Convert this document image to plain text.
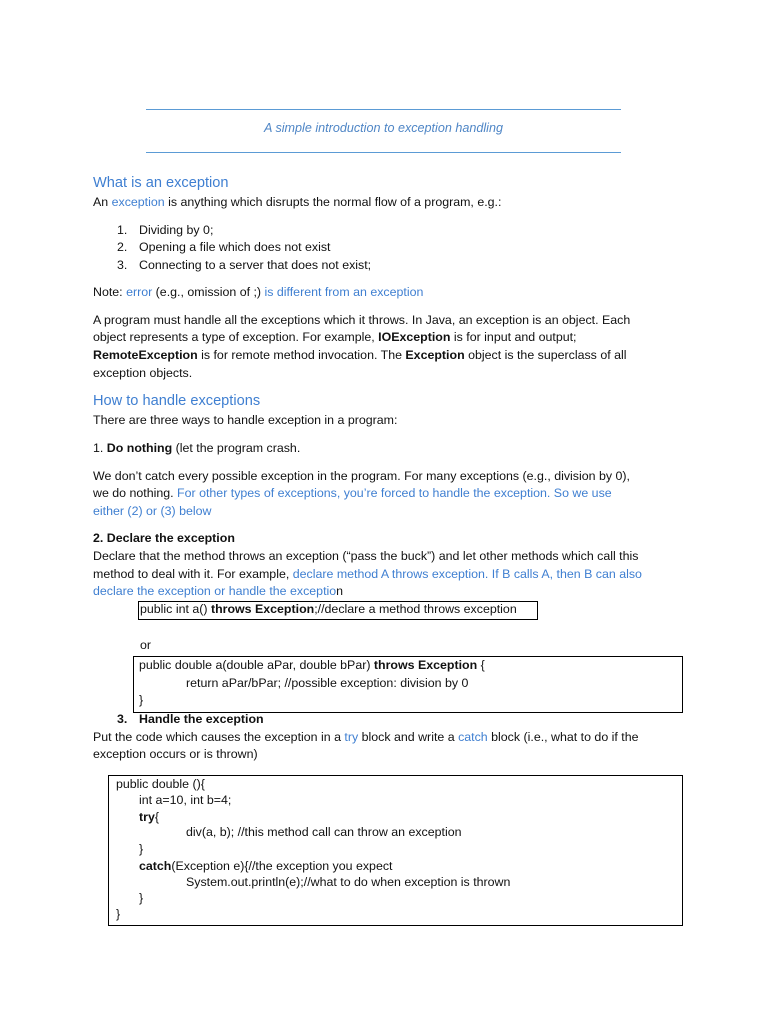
A simple introduction to exception handling
What is an exception
An exception is anything which disrupts the normal flow of a program, e.g.:
1. Dividing by 0;
2. Opening a file which does not exist
3. Connecting to a server that does not exist;
Note: error (e.g., omission of ;) is different from an exception
A program must handle all the exceptions which it throws. In Java, an exception is an object. Each
object represents a type of exception. For example, IOException is for input and output;
RemoteException is for remote method invocation. The Exception object is the superclass of all
exception objects.
How to handle exceptions
There are three ways to handle exception in a program:
1. Do nothing (let the program crash.
We don’t catch every possible exception in the program. For many exceptions (e.g., division by 0),
we do nothing. For other types of exceptions, you’re forced to handle the exception. So we use
either (2) or (3) below
2. Declare the exception
Declare that the method throws an exception (“pass the buck”) and let other methods which call this
method to deal with it. For example, declare method A throws exception. If B calls A, then B can also
declare the exception or handle the exception
public int a() throws Exception;//declare a method throws exception
or
public double a(double aPar, double bPar) throws Exception {
return aPar/bPar; //possible exception: division by 0
}
3. Handle the exception
Put the code which causes the exception in a try block and write a catch block (i.e., what to do if the
exception occurs or is thrown)
public double (){
int a=10, int b=4;
try{
div(a, b); //this method call can throw an exception
}
catch(Exception e){//the exception you expect
System.out.println(e);//what to do when exception is thrown
}
}
